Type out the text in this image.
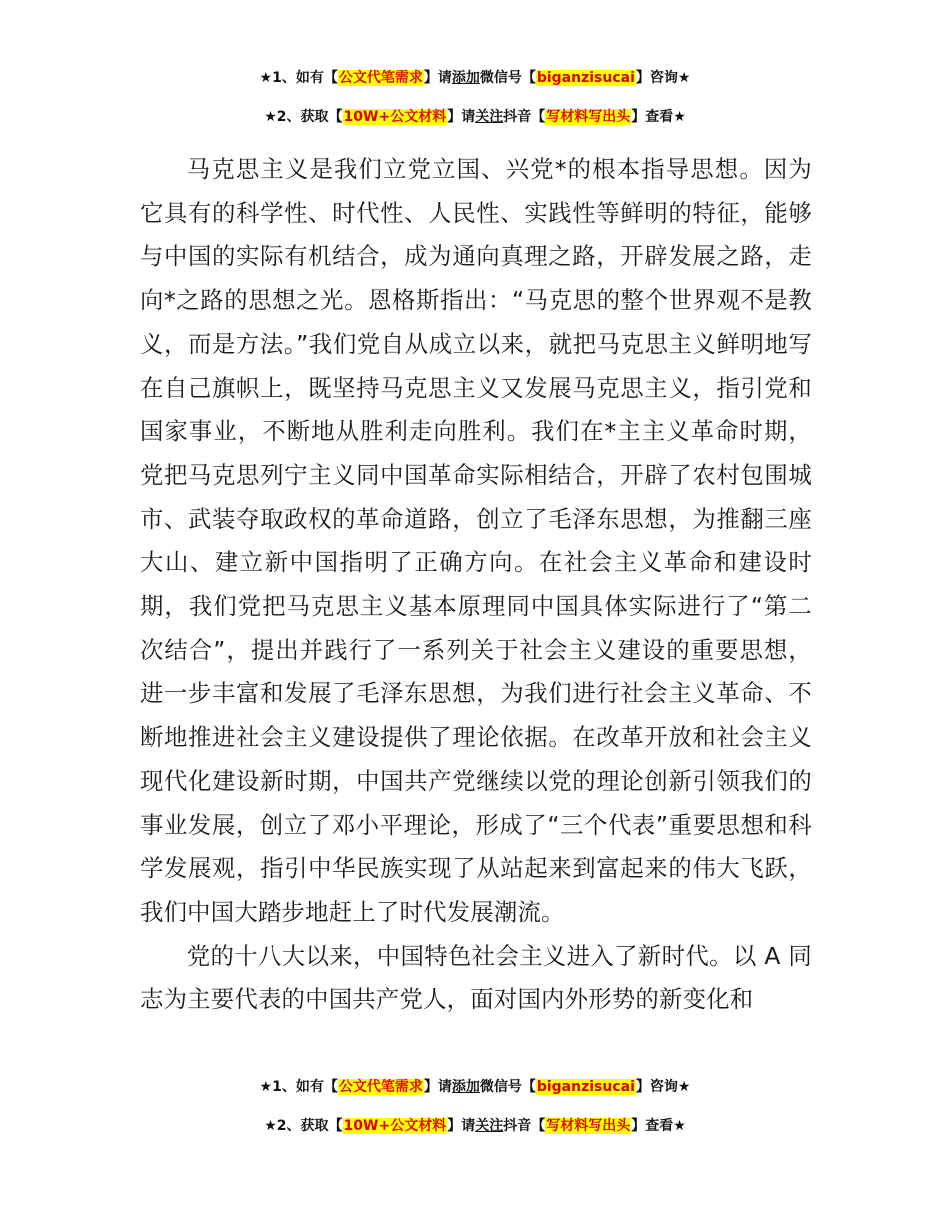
★1、如有【公文代笔需求】请添加微信号【biganzisucai】咨询★
★2、获取【10W+公文材料】请关注抖音【写材料写出头】查看★

马克思主义是我们立党立国、兴党*的根本指导思想。因为它具有的科学性、时代性、人民性、实践性等鲜明的特征，能够与中国的实际有机结合，成为通向真理之路，开辟发展之路，走向*之路的思想之光。恩格斯指出：“马克思的整个世界观不是教义，而是方法。”我们党自从成立以来，就把马克思主义鲜明地写在自己旗帜上，既坚持马克思主义又发展马克思主义，指引党和国家事业，不断地从胜利走向胜利。我们在*主主义革命时期，党把马克思列宁主义同中国革命实际相结合，开辟了农村包围城市、武装夺取政权的革命道路，创立了毛泽东思想，为推翻三座大山、建立新中国指明了正确方向。在社会主义革命和建设时期，我们党把马克思主义基本原理同中国具体实际进行了“第二次结合”，提出并践行了一系列关于社会主义建设的重要思想，进一步丰富和发展了毛泽东思想，为我们进行社会主义革命、不断地推进社会主义建设提供了理论依据。在改革开放和社会主义现代化建设新时期，中国共产党继续以党的理论创新引领我们的事业发展，创立了邓小平理论，形成了“三个代表”重要思想和科学发展观，指引中华民族实现了从站起来到富起来的伟大飞跃，我们中国大踏步地赶上了时代发展潮流。

党的十八大以来，中国特色社会主义进入了新时代。以 A 同志为主要代表的中国共产党人，面对国内外形势的新变化和

★1、如有【公文代笔需求】请添加微信号【biganzisucai】咨询★
★2、获取【10W+公文材料】请关注抖音【写材料写出头】查看★
